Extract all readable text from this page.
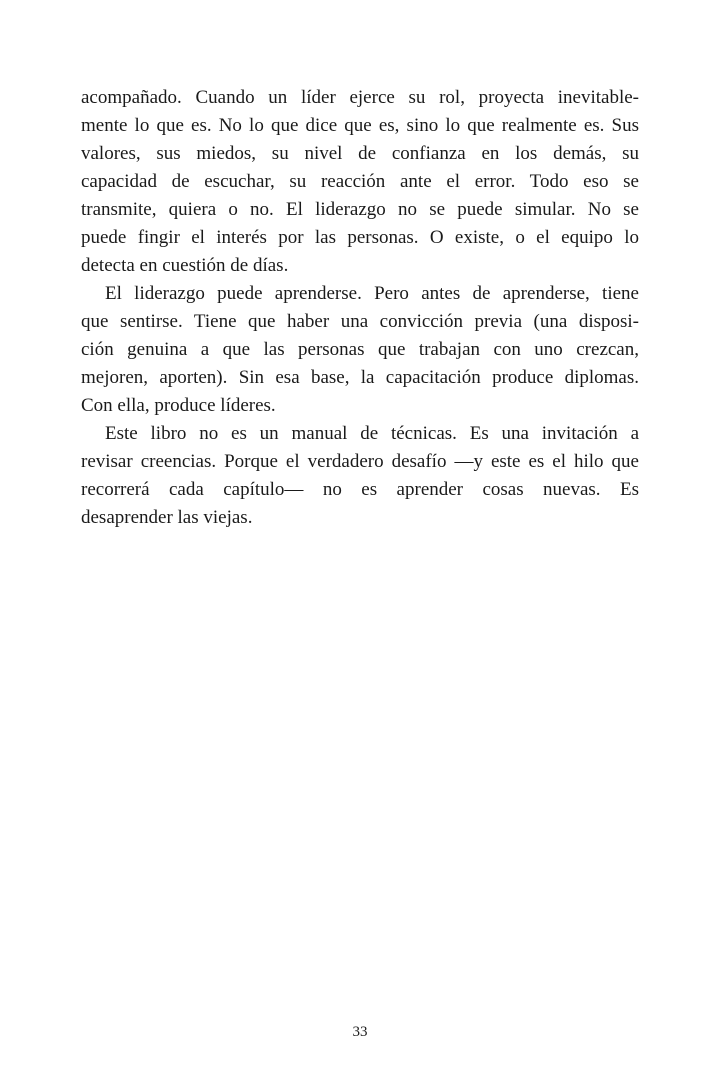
acompañado. Cuando un líder ejerce su rol, proyecta inevitable-
mente lo que es. No lo que dice que es, sino lo que realmente es. Sus
valores, sus miedos, su nivel de confianza en los demás, su
capacidad de escuchar, su reacción ante el error. Todo eso se
transmite, quiera o no. El liderazgo no se puede simular. No se
puede fingir el interés por las personas. O existe, o el equipo lo
detecta en cuestión de días.
El liderazgo puede aprenderse. Pero antes de aprenderse, tiene
que sentirse. Tiene que haber una convicción previa (una disposi-
ción genuina a que las personas que trabajan con uno crezcan,
mejoren, aporten). Sin esa base, la capacitación produce diplomas.
Con ella, produce líderes.
Este libro no es un manual de técnicas. Es una invitación a
revisar creencias. Porque el verdadero desafío —y este es el hilo que
recorrerá cada capítulo— no es aprender cosas nuevas. Es
desaprender las viejas.
33
